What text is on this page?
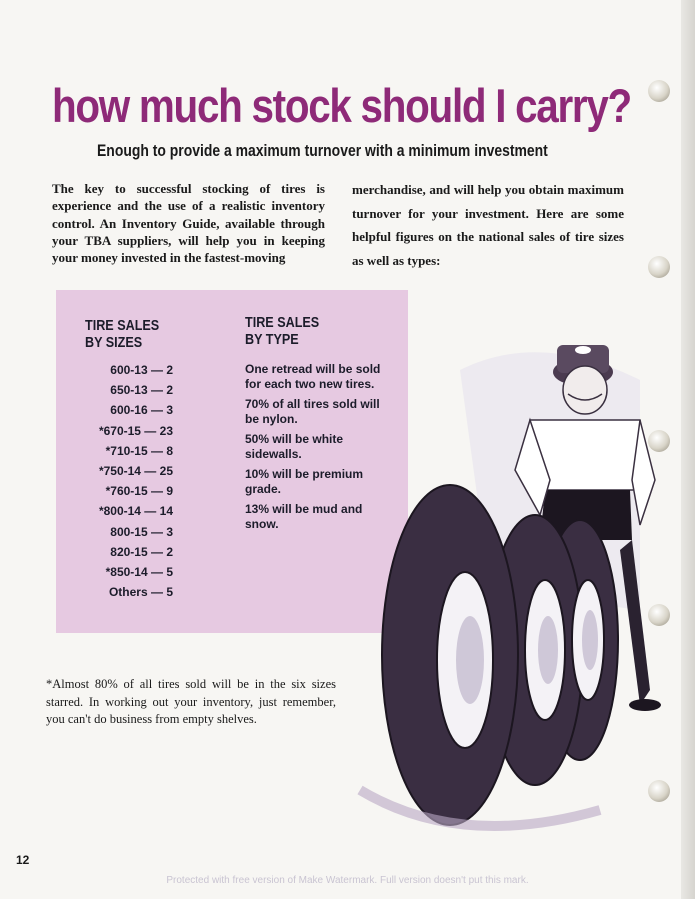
how much stock should I carry?
Enough to provide a maximum turnover with a minimum investment
The key to successful stocking of tires is experience and the use of a realistic inventory control. An Inventory Guide, available through your TBA suppliers, will help you in keeping your money invested in the fastest-moving
merchandise, and will help you obtain maximum turnover for your investment. Here are some helpful figures on the national sales of tire sizes as well as types:
TIRE SALES
BY SIZES
600-13 — 2
650-13 — 2
600-16 — 3
*670-15 — 23
*710-15 — 8
*750-14 — 25
*760-15 — 9
*800-14 — 14
800-15 — 3
820-15 — 2
*850-14 — 5
Others — 5
TIRE SALES
BY TYPE
One retread will be sold for each two new tires.
70% of all tires sold will be nylon.
50% will be white sidewalls.
10% will be premium grade.
13% will be mud and snow.
*Almost 80% of all tires sold will be in the six sizes starred. In working out your inventory, just remember, you can't do business from empty shelves.
12
Protected with free version of Make Watermark. Full version doesn't put this mark.
